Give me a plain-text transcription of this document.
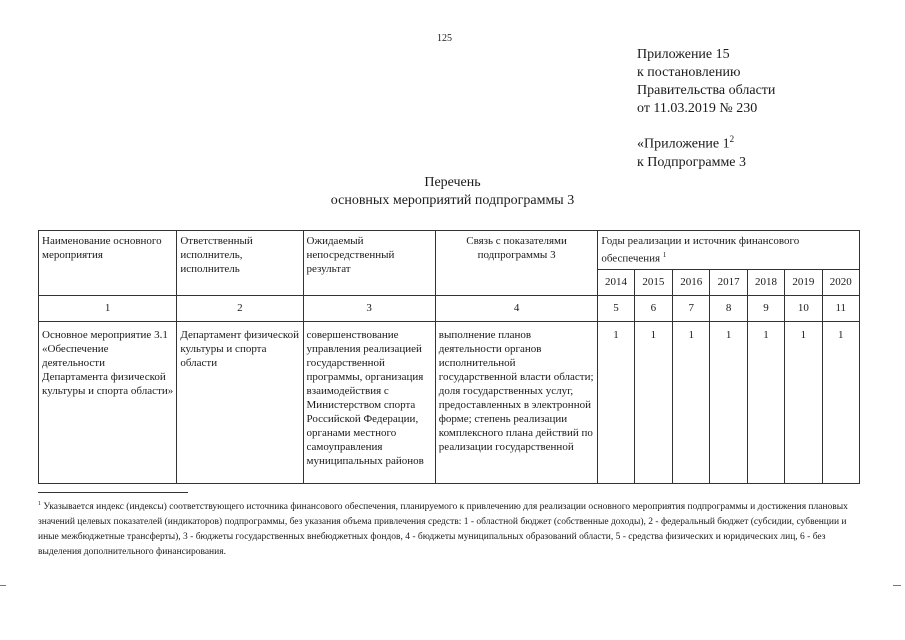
125
Приложение 15
к постановлению
Правительства области
от 11.03.2019 № 230
«Приложение $1^2$
к Подпрограмме 3
Перечень
основных мероприятий подпрограммы 3
Наименование основного мероприятия	Ответственный исполнитель, исполнитель	Ожидаемый непосредственный результат	Связь с показателями подпрограммы 3	Годы реализации и источник финансового обеспечения $^1$
				2014	2015	2016	2017	2018	2019	2020
1	2	3	4	5	6	7	8	9	10	11
Основное мероприятие 3.1 «Обеспечение деятельности Департамента физической культуры и спорта области»	Департамент физической культуры и спорта области	совершенствование управления реализацией государственной программы, организация взаимодействия с Министерством спорта Российской Федерации, органами местного самоуправления муниципальных районов	выполнение планов деятельности органов исполнительной государственной власти области; доля государственных услуг, предоставленных в электронной форме; степень реализации комплексного плана действий по реализации государственной	1	1	1	1	1	1	1
$^1$ Указывается индекс (индексы) соответствующего источника финансового обеспечения, планируемого к привлечению для реализации основного мероприятия подпрограммы и достижения плановых значений целевых показателей (индикаторов) подпрограммы, без указания объема привлечения средств: 1 - областной бюджет (собственные доходы), 2 - федеральный бюджет (субсидии, субвенции и иные межбюджетные трансферты), 3 - бюджеты государственных внебюджетных фондов, 4 - бюджеты муниципальных образований области, 5 - средства физических и юридических лиц, 6 - без выделения дополнительного финансирования.
